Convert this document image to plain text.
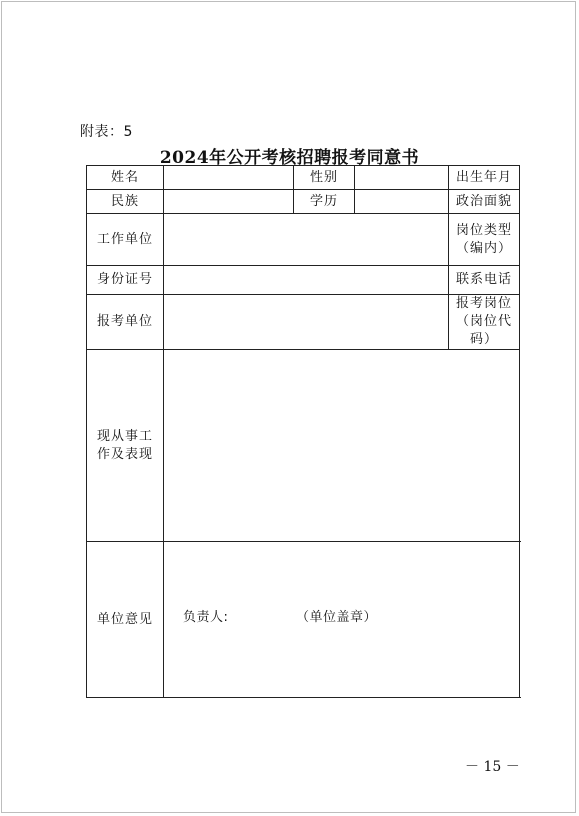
附表：5
2024年公开考核招聘报考同意书
姓名		性别		出生年月	
民族		学历		政治面貌	
工作单位				岗位类型（编内）	
身份证号				联系电话	
报考单位				报考岗位（岗位代码）	
现从事工作及表现					
单位意见					负责人:	（单位盖章）
－ 15 －
